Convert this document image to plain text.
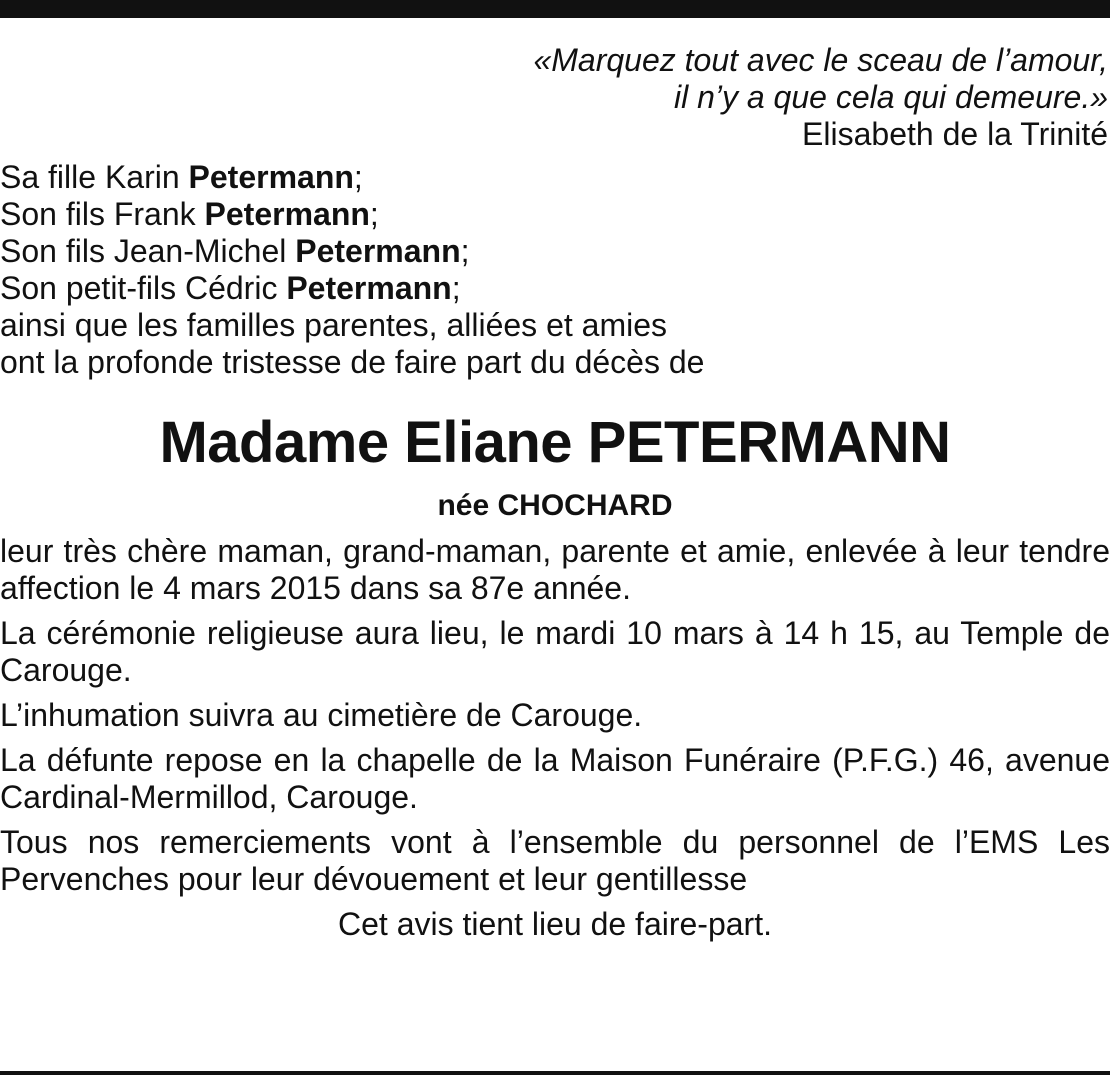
«Marquez tout avec le sceau de l’amour,
il n’y a que cela qui demeure.»
Elisabeth de la Trinité
Sa fille Karin Petermann;
Son fils Frank Petermann;
Son fils Jean-Michel Petermann;
Son petit-fils Cédric Petermann;
ainsi que les familles parentes, alliées et amies
ont la profonde tristesse de faire part du décès de
Madame Eliane PETERMANN
née CHOCHARD

leur très chère maman, grand-maman, parente et amie, enlevée à leur tendre affection le 4 mars 2015 dans sa 87e année.

La cérémonie religieuse aura lieu, le mardi 10 mars à 14 h 15, au Temple de Carouge.

L’inhumation suivra au cimetière de Carouge.

La défunte repose en la chapelle de la Maison Funéraire (P.F.G.) 46, avenue Cardinal-Mermillod, Carouge.

Tous nos remerciements vont à l’ensemble du personnel de l’EMS Les Pervenches pour leur dévouement et leur gentillesse

Cet avis tient lieu de faire-part.
